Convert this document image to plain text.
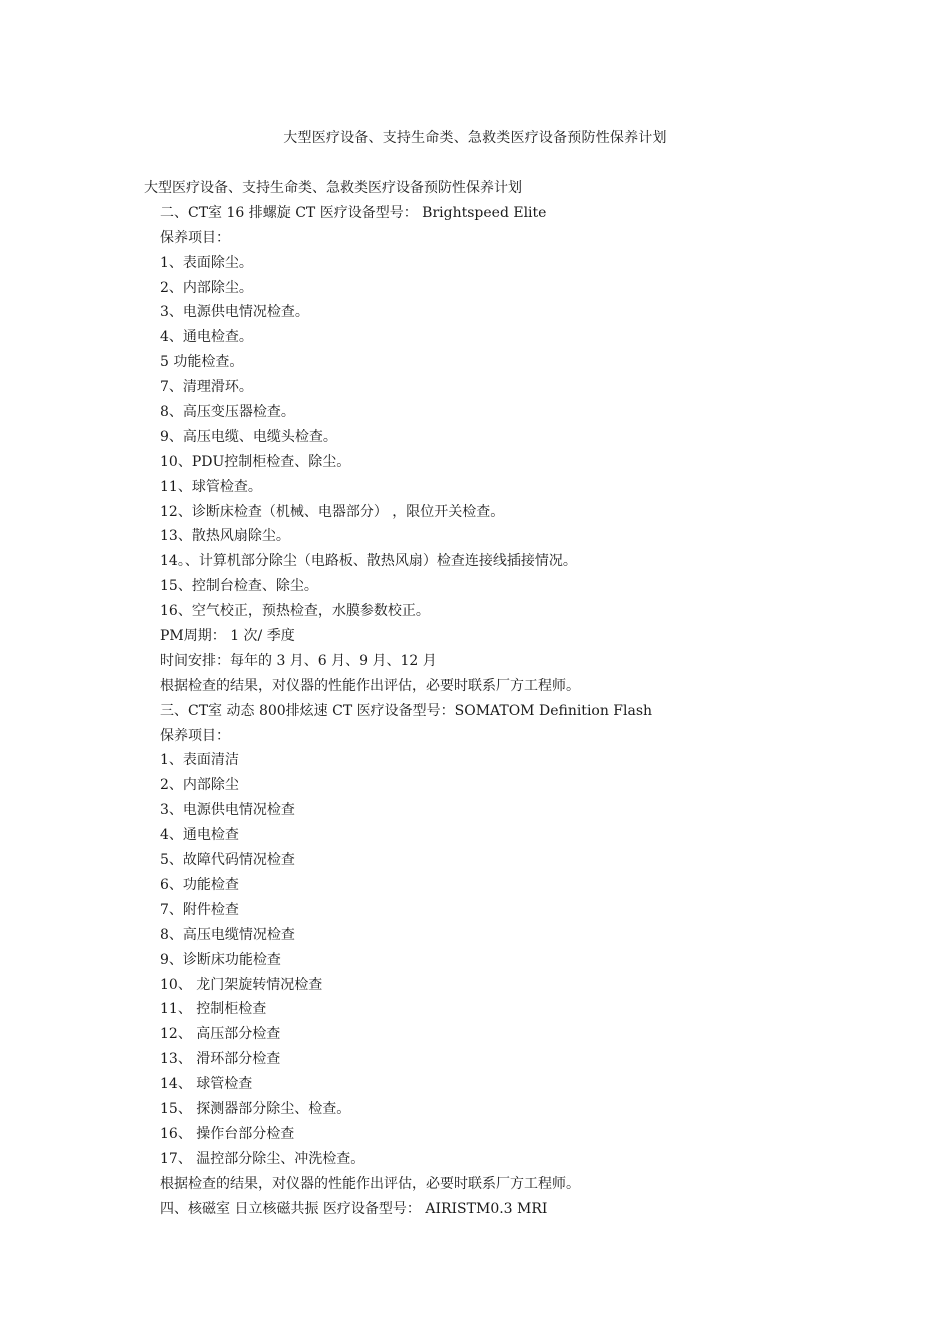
大型医疗设备、支持生命类、急救类医疗设备预防性保养计划
大型医疗设备、支持生命类、急救类医疗设备预防性保养计划
二、CT室 16 排螺旋 CT 医疗设备型号： Brightspeed Elite
保养项目：
1、表面除尘。
2、内部除尘。
3、电源供电情况检查。
4、通电检查。
5 功能检查。
7、清理滑环。
8、高压变压器检查。
9、高压电缆、电缆头检查。
10、PDU控制柜检查、除尘。
11、球管检查。
12、诊断床检查（机械、电器部分） ，限位开关检查。
13、散热风扇除尘。
14。、计算机部分除尘（电路板、散热风扇）检查连接线插接情况。
15、控制台检查、除尘。
16、空气校正，预热检查，水膜参数校正。
PM周期： 1 次/ 季度
时间安排：每年的 3 月、6 月、9 月、12 月
根据检查的结果，对仪器的性能作出评估，必要时联系厂方工程师。
三、CT室 动态 800排炫速 CT 医疗设备型号：SOMATOM Definition Flash
保养项目：
1、表面清洁
2、内部除尘
3、电源供电情况检查
4、通电检查
5、故障代码情况检查
6、功能检查
7、附件检查
8、高压电缆情况检查
9、诊断床功能检查
10、 龙门架旋转情况检查
11、 控制柜检查
12、 高压部分检查
13、 滑环部分检查
14、 球管检查
15、 探测器部分除尘、检查。
16、 操作台部分检查
17、 温控部分除尘、冲洗检查。
根据检查的结果，对仪器的性能作出评估，必要时联系厂方工程师。
四、核磁室 日立核磁共振 医疗设备型号： AIRISTM0.3 MRI
